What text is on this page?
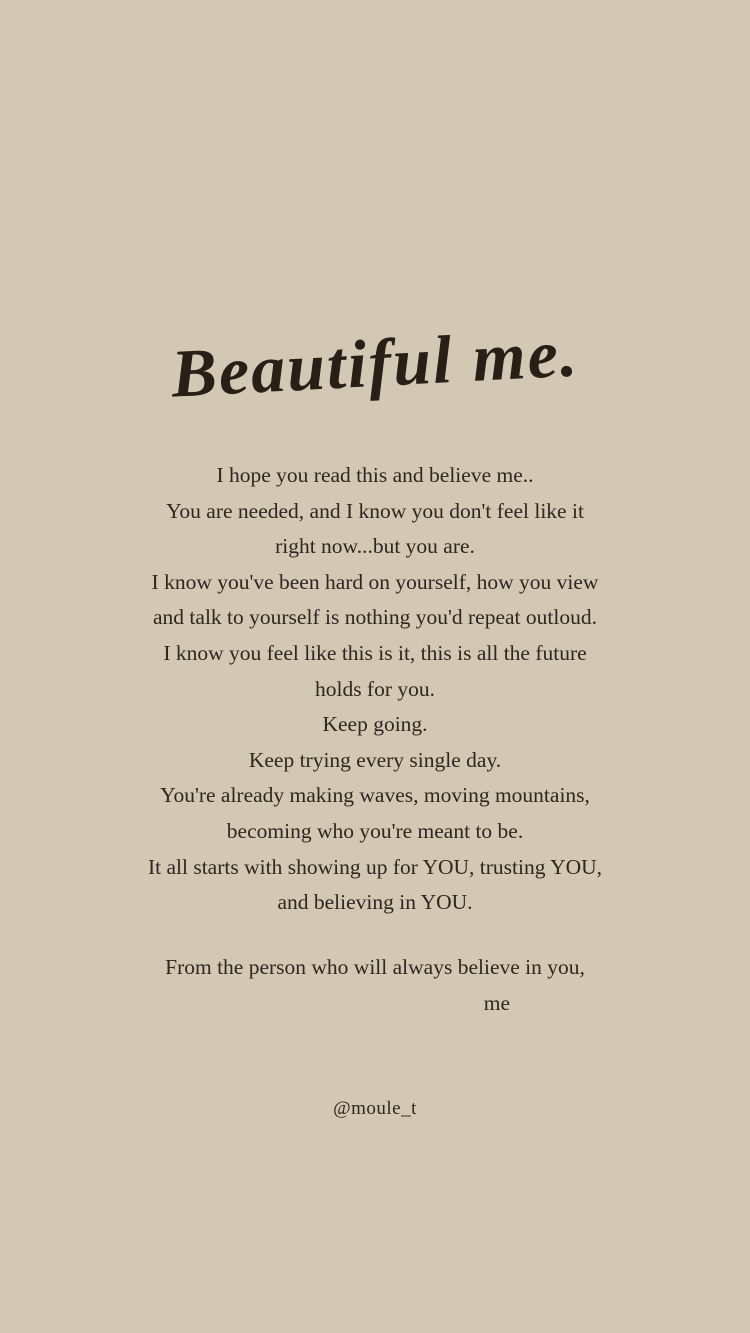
Beautiful me.
I hope you read this and believe me..
You are needed, and I know you don't feel like it
right now...but you are.
I know you've been hard on yourself, how you view
and talk to yourself is nothing you'd repeat outloud.
I know you feel like this is it, this is all the future
holds for you.
Keep going.
Keep trying every single day.
You're already making waves, moving mountains,
becoming who you're meant to be.
It all starts with showing up for YOU, trusting YOU,
and believing in YOU.
From the person who will always believe in you,
me
@moule_t
